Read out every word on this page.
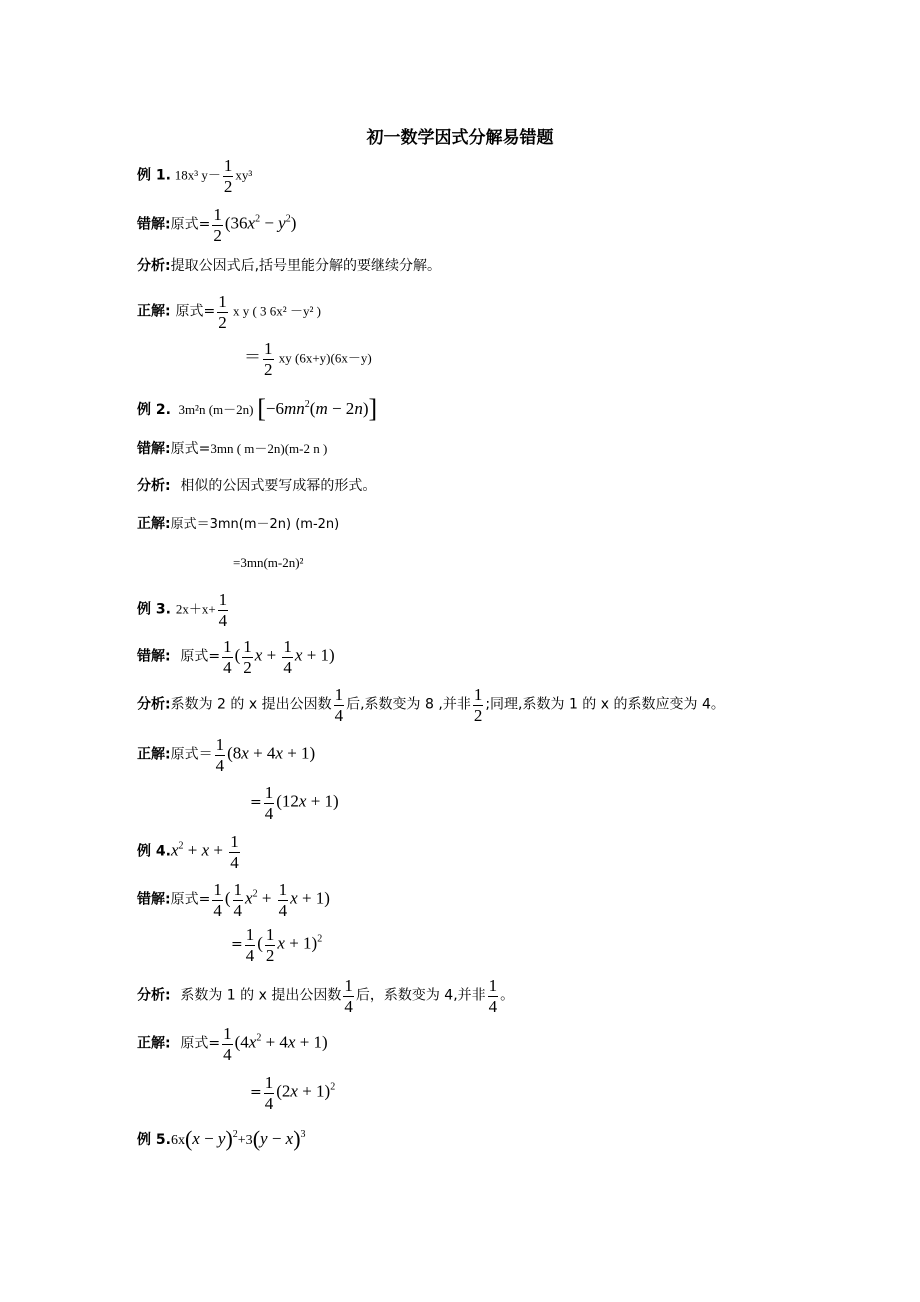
初一数学因式分解易错题
例 1. 18x³ $y- \frac{1}{2} xy^3$
错解:原式= $\frac{1}{2} (36x^2 - y^2)$
分析:提取公因式后,括号里能分解的要继续分解。
正解: 原式= $\frac{1}{2}$ x y ( 3 6x² －y² )
＝ $\frac{1}{2}$ xy (6x+y)(6x－y)
例 2. 3m²n (m－2n) $[-6mn^2(m - 2n)]$
错解:原式=3mn ( m－2n)(m-2 n )
分析:  相似的公因式要写成幂的形式。
正解:原式＝3mn(m－2n) (m-2n)
=3mn(m-2n)²
例 3. $2x+x+ \frac{1}{4}$
错解:  原式= $\frac{1}{4}$ ( $\frac{1}{2}$ $x + \frac{1}{4}$ x + 1)
分析:系数为 2 的 x 提出公因数 $\frac{1}{4}$ 后,系数变为 8 ,并非 $\frac{1}{2}$ ;同理,系数为 1 的 x 的系数应变为 4。
正解:原式＝ $\frac{1}{4} (8x + 4x + 1)$
= $\frac{1}{4} (12x + 1)$
例 $4.x^2 + x + \frac{1}{4}$
错解:原式= $\frac{1}{4}$ ( $\frac{1}{4} x^2 + \frac{1}{4}$ x + 1)
= $\frac{1}{4}$ ( $\frac{1}{2}$ x + 1)$^2$
分析:  系数为 1 的 x 提出公因数 $\frac{1}{4}$ 后，系数变为 4,并非 $\frac{1}{4}$ 。
正解:  原式= $\frac{1}{4} (4x^2 + 4x + 1)$
= $\frac{1}{4} (2x + 1)^2$
例 $5.6x(x - y)^2+3(y - x)^3$
